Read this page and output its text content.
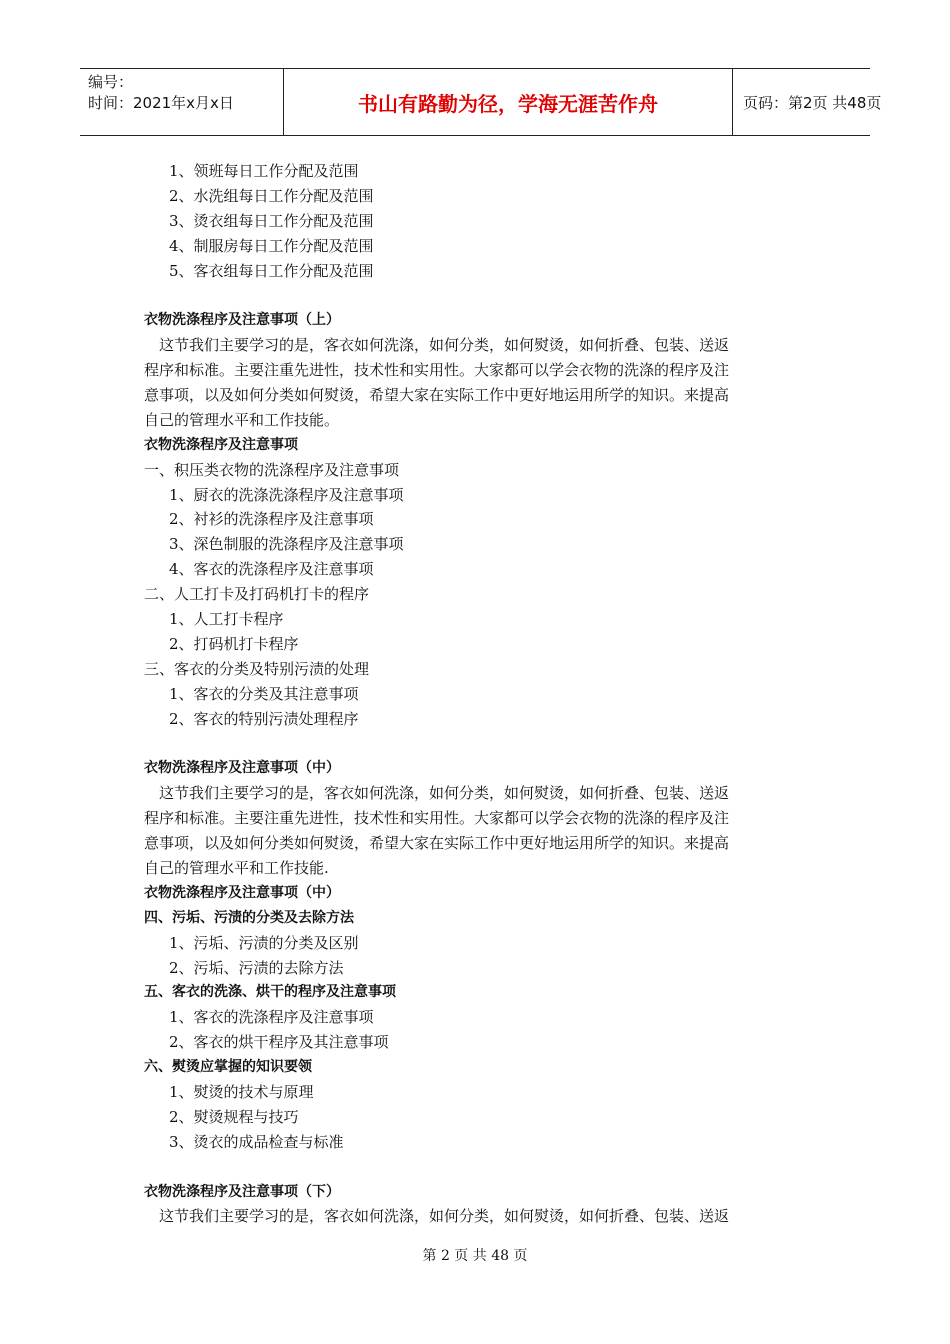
编号：
时间：2021年x月x日	书山有路勤为径，学海无涯苦作舟	页码：第2页 共48页
1、领班每日工作分配及范围
2、水洗组每日工作分配及范围
3、烫衣组每日工作分配及范围
4、制服房每日工作分配及范围
5、客衣组每日工作分配及范围
衣物洗涤程序及注意事项（上）
这节我们主要学习的是，客衣如何洗涤，如何分类，如何熨烫，如何折叠、包装、送返
程序和标准。主要注重先进性，技术性和实用性。大家都可以学会衣物的洗涤的程序及注
意事项，以及如何分类如何熨烫，希望大家在实际工作中更好地运用所学的知识。来提高
自己的管理水平和工作技能。
衣物洗涤程序及注意事项
一、积压类衣物的洗涤程序及注意事项
1、厨衣的洗涤洗涤程序及注意事项
2、衬衫的洗涤程序及注意事项
3、深色制服的洗涤程序及注意事项
4、客衣的洗涤程序及注意事项
二、人工打卡及打码机打卡的程序
1、人工打卡程序
2、打码机打卡程序
三、客衣的分类及特别污渍的处理
1、客衣的分类及其注意事项
2、客衣的特别污渍处理程序
衣物洗涤程序及注意事项（中）
这节我们主要学习的是，客衣如何洗涤，如何分类，如何熨烫，如何折叠、包装、送返
程序和标准。主要注重先进性，技术性和实用性。大家都可以学会衣物的洗涤的程序及注
意事项，以及如何分类如何熨烫，希望大家在实际工作中更好地运用所学的知识。来提高
自己的管理水平和工作技能.
衣物洗涤程序及注意事项（中）
四、污垢、污渍的分类及去除方法
1、污垢、污渍的分类及区别
2、污垢、污渍的去除方法
五、客衣的洗涤、烘干的程序及注意事项
1、客衣的洗涤程序及注意事项
2、客衣的烘干程序及其注意事项
六、熨烫应掌握的知识要领
1、熨烫的技术与原理
2、熨烫规程与技巧
3、烫衣的成品检查与标准
衣物洗涤程序及注意事项（下）
这节我们主要学习的是，客衣如何洗涤，如何分类，如何熨烫，如何折叠、包装、送返
第 2 页 共 48 页
